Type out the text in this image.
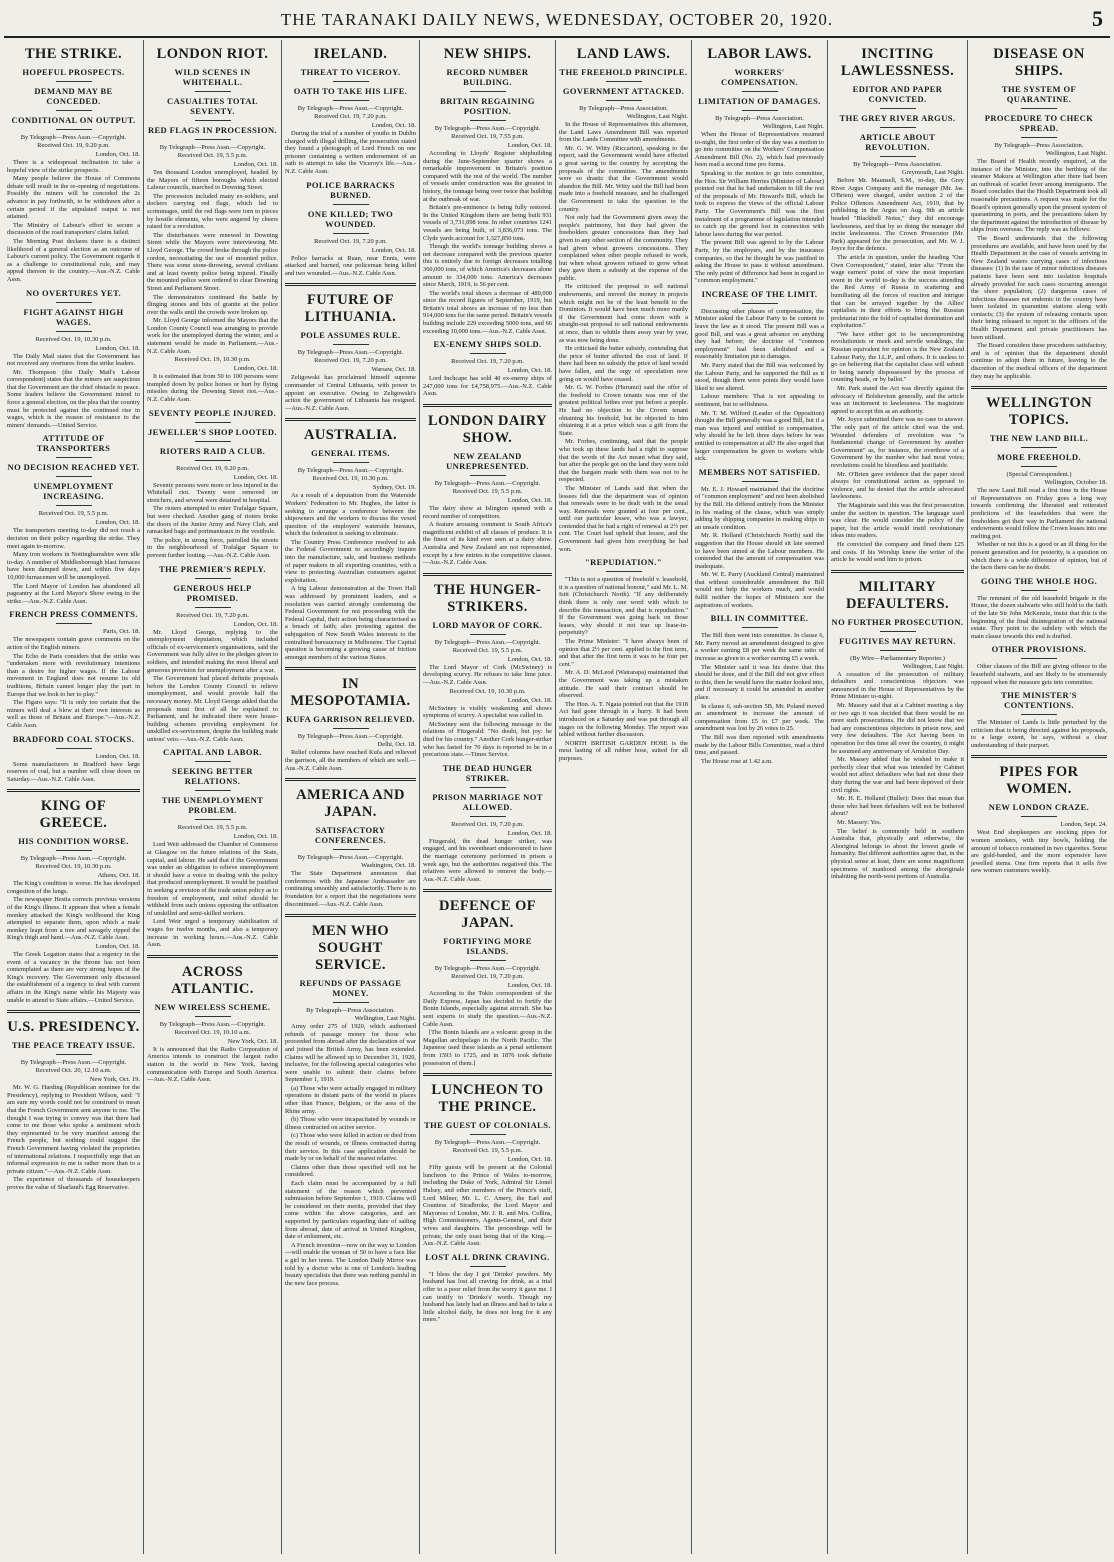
THE TARANAKI DAILY NEWS, WEDNESDAY, OCTOBER 20, 1920.	5
THE STRIKE.
HOPEFUL PROSPECTS.
DEMAND MAY BE CONCEDED.
CONDITIONAL ON OUTPUT.
By Telegraph—Press Assn.—Copyright.
Received Oct. 19, 9.20 p.m.
London, Oct. 18.

There is a widespread inclination to take a hopeful view of the strike prospects.

Many people believe the House of Commons debate will result in the re-opening of negotiations. Possibly the miners will be conceded the 2s advance in pay forthwith, to be withdrawn after a certain period if the stipulated output is not attained.

The Ministry of Labour's effort to secure a discussion of the road transporters' claim failed.

The Morning Post declares there is a distinct likelihood of a general election as an outcome of Labour's current policy. The Government regards it as a challenge to constitutional rule, and may appeal thereon to the country.—Aus.-N.Z. Cable Assn.

NO OVERTURES YET.
FIGHT AGAINST HIGH WAGES.
Received Oct. 19, 10.30 p.m.
London, Oct. 18.

The Daily Mail states that the Government has not received any overtures from the strike leaders.

Mr. Thompson (the Daily Mail's Labour correspondent) states that the miners are suspicious that the Government are the chief obstacle to peace. Some leaders believe the Government intend to force a general election, on the plea that the country must be protected against the continued rise in wages, which is the reason of resistance to the miners' demands.—United Service.

ATTITUDE OF TRANSPORTERS
NO DECISION REACHED YET.
UNEMPLOYMENT INCREASING.
Received Oct. 19, 5.5 p.m.
London, Oct. 18.

The transporters meeting to-day did not reach a decision on their policy regarding the strike. They meet again to-morrow.

Many iron workers in Nottinghamshire were idle to-day. A number of Middlesborough blast furnaces have been damped down, and within five days 10,000 furnacemen will be unemployed.

The Lord Mayor of London has abandoned all pageantry at the Lord Mayor's Show owing to the strike.—Aus.-N.Z. Cable Assn.

FRENCH PRESS COMMENTS.
Paris, Oct. 18.

The newspapers contain grave comments on the action of the English miners.

The Echo de Paris considers that the strike was "undertaken more with revolutionary intentions than a desire for higher wages. If the Labour movement in England does not resume its old traditions, Britain cannot longer play the part in Europe that we look to her to play."

The Figaro says: "It is only too certain that the miners will deal a blow at their own interests as well as those of Britain and Europe."—Aus.-N.Z. Cable Assn.

BRADFORD COAL STOCKS.
London, Oct. 18.

Some manufacturers in Bradford have large reserves of coal, but a number will close down on Saturday.—Aus.-N.Z. Cable Assn.

KING OF GREECE.
HIS CONDITION WORSE.
By Telegraph—Press Assn.—Copyright.
Received Oct. 19, 10.30 p.m.
Athens, Oct. 18.

The King's condition is worse. He has developed congestion of the lungs.

The newspaper Hestia corrects previous versions of the King's illness. It appears that when a female monkey attacked the King's wolfhound the King attempted to separate them, upon which a male monkey leapt from a tree and savagely ripped the King's thigh and hand.—Aus.-N.Z. Cable Assn.

London, Oct. 18.

The Greek Legation states that a regency in the event of a vacancy in the throne has not been contemplated as there are very strong hopes of the King's recovery. The Government only discussed the establishment of a regency to deal with current affairs in the King's name while his Majesty was unable to attend to State affairs.—United Service.

U.S. PRESIDENCY.
THE PEACE TREATY ISSUE.
By Telegraph—Press Assn.—Copyright.
Received Oct. 20, 12.10 a.m.
New York, Oct. 19.

Mr. W. G. Harding (Republican nominee for the Presidency), replying to President Wilson, said: "I am sure my words could not be construed to mean that the French Government sent anyone to me. The thought I was trying to convey was that there had come to me those who spoke a sentiment which they represented to be very manifest among the French people, but nothing could suggest the French Government having violated the proprieties of international relations. I respectfully urge that an informal expression to me is rather more than to a private citizen."—Aus.-N.Z. Cable Assn.

The experience of thousands of housekeepers proves the value of Sharland's Egg Reservative.

LONDON RIOT.
WILD SCENES IN WHITEHALL.
CASUALTIES TOTAL SEVENTY.
RED FLAGS IN PROCESSION.
By Telegraph—Press Assn.—Copyright.
Received Oct. 19, 5.5 p.m.
London, Oct. 18.

Ten thousand London unemployed, headed by the Mayors of fifteen boroughs which elected Labour councils, marched to Downing Street.

The procession included many ex-soldiers, and dockers carrying red flags, which led to scrimmages, until the red flags were torn to pieces by hostile elements, who were angered by cheers raised for a revolution.

The disturbances were renewed in Downing Street while the Mayors were interviewing Mr. Lloyd George. The crowd broke through the police cordon, necessitating the use of mounted police. There was some stone-throwing, several civilians and at least twenty police being injured. Finally the mounted police were ordered to clear Downing Street and Parliament Street.

The demonstrators continued the battle by flinging stones and bits of granite at the police over the walls until the crowds were broken up.

Mr. Lloyd George informed the Mayors that the London County Council was arranging to provide work for the unemployed during the winter, and a statement would be made in Parliament.—Aus.-N.Z. Cable Assn.

Received Oct. 19, 10.30 p.m.
London, Oct. 18.

It is estimated that from 50 to 100 persons were trampled down by police horses or hurt by flying missiles during the Downing Street riot.—Aus.-N.Z. Cable Assn.

SEVENTY PEOPLE INJURED.
JEWELLER'S SHOP LOOTED.
RIOTERS RAID A CLUB.
Received Oct. 19, 9.20 p.m.
London, Oct. 18.

Seventy persons were more or less injured in the Whitehall riot. Twenty were removed on stretchers, and several were detained in hospital.

The rioters attempted to enter Trafalgar Square, but were checked. Another gang of rioters broke the doors of the Junior Army and Navy Club, and ransacked bags and portmanteaux in the vestibule.

The police, in strong force, patrolled the streets in the neighbourhood of Trafalgar Square to prevent further looting.—Aus.-N.Z. Cable Assn.

THE PREMIER'S REPLY.
GENEROUS HELP PROMISED.
Received Oct. 19, 7.20 p.m.
London, Oct. 18.

Mr. Lloyd George, replying to the unemployment deputation, which included officials of ex-servicemen's organisations, said the Government was fully alive to the pledges given to soldiers, and intended making the most liberal and generous provision for unemployment after a war.

The Government had placed definite proposals before the London County Council to relieve unemployment, and would provide half the necessary money. Mr. Lloyd George added that the proposals must first of all be explained to Parliament, and he indicated there were house-building schemes providing employment for unskilled ex-servicemen, despite the building trade unions' veto.—Aus.-N.Z. Cable Assn.

CAPITAL AND LABOR.
SEEKING BETTER RELATIONS.
THE UNEMPLOYMENT PROBLEM.
Received Oct. 19, 5.5 p.m.
London, Oct. 18.

Lord Weir addressed the Chamber of Commerce at Glasgow on the future relations of the State, capital, and labour. He said that if the Government was under an obligation to relieve unemployment it should have a voice in dealing with the policy that produced unemployment. It would be justified in seeking a revision of the trade union policy as to freedom of employment, and relief should be withheld from such unions opposing the utilisation of unskilled and semi-skilled workers.

Lord Weir urged a temporary stabilisation of wages for twelve months, and also a temporary increase in working hours.—Aus.-N.Z. Cable Assn.

ACROSS ATLANTIC.
NEW WIRELESS SCHEME.
By Telegraph—Press Assn.—Copyright.
Received Oct. 19, 10.10 a.m.
New York, Oct. 18.

It is announced that the Radio Corporation of America intends to construct the largest radio station in the world in New York, having communication with Europe and South America.—Aus.-N.Z. Cable Assn.

IRELAND.
THREAT TO VICEROY.
OATH TO TAKE HIS LIFE.
By Telegraph—Press Assn.—Copyright.
Received Oct. 19, 7.20 p.m.
London, Oct. 18.

During the trial of a number of youths in Dublin charged with illegal drilling, the prosecution stated they found a photograph of Lord French on one prisoner containing a written endorsement of an oath to attempt to take the Viceroy's life.—Aus.-N.Z. Cable Assn.

POLICE BARRACKS BURNED.
ONE KILLED; TWO WOUNDED.
Received Oct. 19, 7.20 p.m.
London, Oct. 18.

Police barracks at Ruan, near Ennis, were attacked and burned, one policeman being killed and two wounded.—Aus.-N.Z. Cable Assn.

FUTURE OF LITHUANIA.
POLE ASSUMES RULE.
By Telegraph—Press Assn.—Copyright.
Received Oct. 19, 7.20 p.m.
Warsaw, Oct. 18.

Zeligowski has proclaimed himself supreme commander of Central Lithuania, with power to appoint an executive. Owing to Zeligowski's action the government of Lithuania has resigned.—Aus.-N.Z. Cable Assn.

AUSTRALIA.
GENERAL ITEMS.
By Telegraph—Press Assn.—Copyright.
Received Oct. 19, 10.30 p.m.
Sydney, Oct. 19.

As a result of a deputation from the Waterside Workers' Federation to Mr. Hughes, the latter is seeking to arrange a conference between the shipowners and the workers to discuss the vexed question of the employers' waterside bureaux, which the federation is seeking to eliminate.

The Country Press Conference resolved to ask the Federal Government to accordingly inquire into the manufacture, sale, and business methods of paper makers in all exporting countries, with a view to protecting Australian consumers against exploitation.

A big Labour demonstration at the Town Hall was addressed by prominent leaders, and a resolution was carried strongly condemning the Federal Government for not proceeding with the Federal Capital, their action being characterised as a breach of faith; also protesting against the subjugation of New South Wales interests to the centralised bureaucracy in Melbourne. The Capital question is becoming a growing cause of friction amongst members of the various States.

IN MESOPOTAMIA.
KUFA GARRISON RELIEVED.
By Telegraph—Press Assn.—Copyright.
Delhi, Oct. 18.

Relief columns have reached Kufa and relieved the garrison, all the members of which are well.—Aus.-N.Z. Cable Assn.

AMERICA AND JAPAN.
SATISFACTORY CONFERENCES.
By Telegraph—Press Assn.—Copyright.
Washington, Oct. 18.

The State Department announces that conferences with the Japanese Ambassador are continuing smoothly and satisfactorily. There is no foundation for a report that the negotiations were discontinued.—Aus.-N.Z. Cable Assn.

MEN WHO SOUGHT SERVICE.
REFUNDS OF PASSAGE MONEY.
By Telegraph—Press Association.
Wellington, Last Night.

Army order 275 of 1920, which authorised refunds of passage money for those who proceeded from abroad after the declaration of war and joined the British Army, has been extended. Claims will be allowed up to December 31, 1920, inclusive, for the following special categories who were unable to submit their claims before September 1, 1919.

(a) Those who were actually engaged in military operations in distant parts of the world in places other than France, Belgium, or the area of the Rhine army.

(b) Those who were incapacitated by wounds or illness contracted on active service.

(c) Those who were killed in action or died from the result of wounds, or illness contracted during their service. In this case application should be made by or on behalf of the nearest relative.

Claims other than those specified will not be considered.

Each claim must be accompanied by a full statement of the reason which prevented submission before September 1, 1919. Claims will be considered on their merits, provided that they come within the above categories, and are supported by particulars regarding date of sailing from abroad, date of arrival in United Kingdom, date of enlistment, etc.

A French invention—now on the way to London—will enable the woman of 50 to have a face like a girl in her teens. The London Daily Mirror was told by a doctor who is one of London's leading beauty specialists that there was nothing painful in the new face process.

NEW SHIPS.
RECORD NUMBER BUILDING.
BRITAIN REGAINING POSITION.
By Telegraph—Press Assn.—Copyright.
Received Oct. 19, 7.55 p.m.
London, Oct. 18.

According to Lloyds' Register shipbuilding during the June-September quarter shows a remarkable improvement in Britain's position compared with the rest of the world. The number of vessels under construction was the greatest in history, the tonnage being over twice that building at the outbreak of war.

Britain's pre-eminence is being fully restored. In the United Kingdom there are being built 931 vessels of 3,731,098 tons. In other countries 1241 vessels are being built, of 3,836,073 tons. The Clyde yards account for 1,327,850 tons.

Though the world's tonnage building shows a net decrease compared with the previous quarter this is entirely due to foreign decreases totalling 360,000 tons, of which America's decreases alone amount to 334,000 tons. America's decreases since March, 1919, is 56 per cent.

The world's total shows a decrease of 489,000 since the record figures of September, 1919, but Britain's total shows an increase of no less than 914,000 tons for the same period. Britain's vessels building include 229 exceeding 5000 tons, and 66 exceeding 10,000 tons.—Aus.-N.Z. Cable Assn.

EX-ENEMY SHIPS SOLD.
Received Oct. 19, 7.20 p.m.
London, Oct. 18.

Lord Inchcape has sold 40 ex-enemy ships of 247,000 tons for £4,758,975.—Aus.-N.Z. Cable Assn.

LONDON DAIRY SHOW.
NEW ZEALAND UNREPRESENTED.
By Telegraph—Press Assn.—Copyright.
Received Oct. 19, 5.5 p.m.
London, Oct. 18.

The dairy show at Islington opened with a record number of competitors.

A feature arousing comment is South Africa's magnificent exhibit of all classes of produce. It is the finest of its kind ever seen at a dairy show. Australia and New Zealand are not represented, except by a few entries in the competitive classes.—Aus.-N.Z. Cable Assn.

THE HUNGER-STRIKERS.
LORD MAYOR OF CORK.
By Telegraph—Press Assn.—Copyright.
Received Oct. 19, 5.5 p.m.
London, Oct. 18.

The Lord Mayor of Cork (McSwiney) is developing scurvy. He refuses to take lime juice.—Aus.-N.Z. Cable Assn.

Received Oct. 19, 10.30 p.m.
London, Oct. 18.

McSwiney is visibly weakening and shows symptoms of scurvy. A specialist was called in.

McSwiney sent the following message to the relations of Fitzgerald: "No doubt, but joy: he died for his country." Another Cork hunger-striker who has fasted for 70 days is reported to be in a precarious state.—Times Service.

THE DEAD HUNGER STRIKER.
PRISON MARRIAGE NOT ALLOWED.
Received Oct. 19, 7.20 p.m.
London, Oct. 18.

Fitzgerald, the dead hunger striker, was engaged, and his sweetheart endeavoured to have the marriage ceremony performed in prison a week ago, but the authorities negatived this. The relatives were allowed to remove the body.—Aus.-N.Z. Cable Assn.

DEFENCE OF JAPAN.
FORTIFYING MORE ISLANDS.
By Telegraph—Press Assn.—Copyright.
Received Oct. 19, 7.20 p.m.
London, Oct. 18.

According to the Tokio correspondent of the Daily Express, Japan has decided to fortify the Bonin Islands, especially against aircraft. She has sent experts to study the question.—Aus.-N.Z. Cable Assn.

[The Bonin Islands are a volcanic group in the Magellan archipelago in the North Pacific. The Japanese used these islands as a penal settlement from 1593 to 1725, and in 1876 took definite possession of them.]

LUNCHEON TO THE PRINCE.
THE GUEST OF COLONIALS.
By Telegraph—Press Assn.—Copyright.
Received Oct. 19, 5.5 p.m.
London, Oct. 18.

Fifty guests will be present at the Colonial luncheon to the Prince of Wales to-morrow, including the Duke of York, Admiral Sir Lionel Halsey, and other members of the Prince's staff, Lord Milner, Mr. L. C. Amery, the Earl and Countess of Stradbroke, the Lord Mayor and Mayoress of London, Mr. J. R. and Mrs. Collins, High Commissioners, Agents-General, and their wives and daughters. The proceedings will be private, the only toast being that of the King.—Aus.-N.Z. Cable Assn.

LOST ALL DRINK CRAVING.

"I bless the day I got 'Drinko' powders. My husband has lost all craving for drink, as a trial offer to a poor relief from the worry it gave me. I can testify to 'Drinko's' worth. Though my husband has lately had an illness and had to take a little alcohol daily, he does not long for it any more."

LAND LAWS.
THE FREEHOLD PRINCIPLE.
GOVERNMENT ATTACKED.
By Telegraph—Press Association.
Wellington, Last Night.

In the House of Representatives this afternoon, the Land Laws Amendment Bill was reported from the Lands Committee with amendments.

Mr. G. W. Witty (Riccarton), speaking to the report, said the Government would have effected a great saving to the country by accepting the proposals of the committee. The amendments were so drastic that the Government would abandon the Bill. Mr. Witty said the Bill had been made into a freehold measure, and he challenged the Government to take the question to the country.

Not only had the Government given away the people's patrimony, but they had given the freeholders greater concessions than they had given to any other section of the community. They had given wheat growers concessions. They complained when other people refused to work, but when wheat growers refused to grow wheat they gave them a subsidy at the expense of the public.

He criticised the proposal to sell national endowments, and moved the money in projects which might not be of the least benefit to the Dominion. It would have been much more manly if the Government had come down with a straight-out proposal to sell national endowments at once, than to whittle them away year by year, as was now being done.

He criticised the butter subsidy, contending that the price of butter affected the cost of land. If there had been no subsidy the price of land would have fallen, and the orgy of speculation now going on would have ceased.

Mr. G. W. Forbes (Hurunui) said the offer of the freehold to Crown tenants was one of the greatest political bribes ever put before a people. He had no objection to the Crown tenant obtaining his freehold, but he objected to him obtaining it at a price which was a gift from the State.

Mr. Forbes, continuing, said that the people who took up these lands had a right to suppose that the words of the Act meant what they said, but after the people got on the land they were told that the bargain made with them was not to be respected.

The Minister of Lands said that when the lessees fell due the department was of opinion that renewals were to be dealt with in the usual way. Renewals were granted at four per cent., until our particular lessee, who was a lawyer, contended that he had a right of renewal at 2½ per cent. The Court had upheld that lessee, and the Government had given him everything he had won.

"REPUDIATION."

"This is not a question of freehold v. leasehold, it is a question of national honour," said Mr. L. M. Isitt (Christchurch North). "If any deliberately think there is only one word with which to describe this transaction, and that is repudiation." If the Government was going back on those leases, why should it not tear up lease-in-perpetuity?

The Prime Minister: "I have always been of opinion that 2½ per cent. applied to the first term, and that after the first term it was to be four per cent."

Mr. A. D. McLeod (Wairarapa) maintained that the Government was taking up a mistaken attitude. He said their contract should be observed.

The Hon. A. T. Ngata pointed out that the 1918 Act had gone through in a hurry. It had been introduced on a Saturday and was put through all stages on the following Monday. The report was tabled without further discussion.

NORTH BRITISH GARDEN HOSE is the most lasting of all rubber hose, suited for all purposes.

LABOR LAWS.
WORKERS' COMPENSATION.
LIMITATION OF DAMAGES.
By Telegraph—Press Association.
Wellington, Last Night.

When the House of Representatives resumed to-night, the first order of the day was a motion to go into committee on the Workers' Compensation Amendment Bill (No. 2), which had previously been read a second time pro forma.

Speaking to the motion to go into committee, the Hon. Sir William Herries (Minister of Labour) pointed out that he had undertaken to fill the rest of the proposals of Mr. Howard's Bill, which he took to express the views of the official Labour Party. The Government's Bill was the first instalment of a programme of legislation intended to catch up the ground lost in connection with labour laws during the war period.

The present Bill was agreed to by the Labour Party, by the employers, and by the insurance companies, so that he thought he was justified in asking the House to pass it without amendment. The only point of difference had been in regard to "common employment."

INCREASE OF THE LIMIT.

Discussing other phases of compensation, the Minister asked the Labour Party to be content to leave the law as it stood. The present Bill was a good Bill, and was a great advance on anything they had before; the doctrine of "common employment" had been abolished and a reasonably limitation put to damages.

Mr. Parry stated that the Bill was welcomed by the Labour Party, and he supported the Bill as it stood, though there were points they would have liked to see altered.

Labour members: That is not appealing to sentiment, but to selfishness.

Mr. T. M. Wilford (Leader of the Opposition) thought the Bill generally was a good Bill, but if a man was injured and entitled to compensation, why should he be left three days before he was entitled to compensation at all? He also urged that larger compensation be given to workers while sick.

MEMBERS NOT SATISFIED.

Mr. E. J. Howard maintained that the doctrine of "common employment" and not been abolished by the Bill. He differed entirely from the Minister in his reading of the clause, which was simply adding by shipping companies in making ships in an unsafe condition.

Mr. R. Holland (Christchurch North) said the suggestion that the House should sit late seemed to have been aimed at the Labour members. He contended that the amount of compensation was inadequate.

Mr. W. E. Parry (Auckland Central) maintained that without considerable amendment the Bill would not help the workers much, and would fulfil neither the hopes of Ministers nor the aspirations of workers.

BILL IN COMMITTEE.

The Bill then went into committee. In clause 6, Mr. Parry moved an amendment designed to give a worker earning £8 per week the same ratio of increase as given to a worker earning £5 a week.

The Minister said it was his desire that this should be done, and if the Bill did not give effect to this, then he would have the matter looked into, and if necessary it could be amended in another place.

In clause 6, sub-section 5B, Mr. Poland moved an amendment to increase the amount of compensation from £5 to £7 per week. The amendment was lost by 26 votes to 25.

The Bill was then reported with amendments made by the Labour Bills Committee, read a third time, and passed.

The House rose at 1.42 a.m.

INCITING LAWLESSNESS.
EDITOR AND PAPER CONVICTED.
THE GREY RIVER ARGUS.
ARTICLE ABOUT REVOLUTION.
By Telegraph—Press Association.
Greymouth, Last Night.

Before Mr. Maunsell, S.M., to-day, the Grey River Argus Company and the manager (Mr. Jas. O'Brien) were charged, under section 2 of the Police Offences Amendment Act, 1919, that by publishing in the Argus on Aug. 9th an article headed "Blackbell Notes," they did encourage lawlessness, and that by so doing the manager did incite lawlessness. The Crown Prosecutor (Mr. Park) appeared for the prosecution, and Mr. W. J. Joyce for the defence.

The article in question, under the heading "Our Own Correspondent," stated, inter alia: "From the wage earners' point of view the most important event in the world to-day is the success attending the Red Army of Russia in scattering and humiliating all the forces of reaction and intrigue that can be arrayed together by the Allies' capitalists in their efforts to bring the Russian proletariat into the fold of capitalist domination and exploitation."

"We have either got to be uncompromising revolutionists or meek and servile weaklings, the Russian equivalent for opinion is the New Zealand Labour Party, the I.L.P., and others. It is useless to go on believing that the capitalist class will submit to being tamely dispossessed by the process of counting heads, or by ballot."

Mr. Park stated the Act was directly against the advocacy of Bolshevism generally, and the article was an incitement to lawlessness. The magistrate agreed to accept this as an authority.

Mr. Joyce submitted there was no case to answer. The only part of the article cited was the end. Wounded defenders of revolution was "a fundamental change of Government by another Government" as, for instance, the overthrow of a Government by the number who had most votes; revolutions could be bloodless and justifiable.

Mr. O'Brien gave evidence that the paper stood always for constitutional action as opposed to violence, and he denied that the article advocated lawlessness.

The Magistrate said this was the first prosecution under the section in question. The language used was clear. He would consider the policy of the paper, but the article would instil revolutionary ideas into readers.

He convicted the company and fined them £25 and costs. If his Worship knew the writer of the article he would send him to prison.

MILITARY DEFAULTERS.
NO FURTHER PROSECUTION.
FUGITIVES MAY RETURN.
(By Wire—Parliamentary Reporter.)
Wellington, Last Night.

A cessation of the prosecution of military defaulters and conscientious objectors was announced in the House of Representatives by the Prime Minister to-night.

Mr. Massey said that at a Cabinet meeting a day or two ago it was decided that there would be no more such prosecutions. He did not know that we had any conscientious objectors in prison now, and very few defaulters. The Act having been in operation for this time all over the country, it might be assumed any anniversary of Armistice Day.

Mr. Massey added that he wished to make it perfectly clear that what was intended by Cabinet would not affect defaulters who had not done their duty during the war and had been deprived of their civil rights.

Mr. H. E. Holland (Buller): Does that mean that those who had been defaulters will not be bothered about?

Mr. Massey: Yes.

The belief is commonly held in southern Australia that, physically and otherwise, the Aboriginal belongs to about the lowest grade of humanity. But different authorities agree that, in the physical sense at least, there are some magnificent specimens of manhood among the aboriginals inhabiting the north-west portions of Australia.

DISEASE ON SHIPS.
THE SYSTEM OF QUARANTINE.
PROCEDURE TO CHECK SPREAD.
By Telegraph—Press Association.
Wellington, Last Night.

The Board of Health recently enquired, at the instance of the Minister, into the berthing of the steamer Makura at Wellington after there had been an outbreak of scarlet fever among immigrants. The Board concludes that the Health Department took all reasonable precautions. A request was made for the Board's opinion generally upon the present system of quarantining in ports, and the precautions taken by the department against the introduction of disease by ships from overseas. The reply was as follows:

The Board understands that the following procedures are available, and have been used by the Health Department in the case of vessels arriving in New Zealand waters carrying cases of infectious diseases: (1) In the case of minor infectious diseases patients have been sent into isolation hospitals already provided for such cases occurring amongst the shore population; (2) dangerous cases of infectious diseases not endemic in the country have been isolated in quarantine stations along with contacts; (3) the system of releasing contacts upon their being released to report to the officers of the Health Department and private practitioners has been utilised.

The Board considers these procedures satisfactory, and is of opinion that the department should continue to adopt them in future, leaving to the discretion of the medical officers of the department they may be applicable.

WELLINGTON TOPICS.
THE NEW LAND BILL.
MORE FREEHOLD.
(Special Correspondent.)
Wellington, October 18.

The new Land Bill read a first time in the House of Representatives on Friday goes a long way towards confirming the liberated and reiterated predictions of the leaseholders that were the freeholders got their way in Parliament the national endowments would follow the Crown leases into one melting pot.

Whether or not this is a good or an ill thing for the present generation and for posterity, is a question on which there is a wide difference of opinion, but of the facts there can be no doubt.

GOING THE WHOLE HOG.

The remnant of the old leasehold brigade in the House, the dozen stalwarts who still hold to the faith of the late Sir John McKenzie, insist that this is the beginning of the final disintegration of the national estate. They point to the subtlety with which the main clause towards this end is drafted.

OTHER PROVISIONS.

Other clauses of the Bill are giving offence to the leasehold stalwarts, and are likely to be strenuously opposed when the measure gets into committee.

THE MINISTER'S CONTENTIONS.

The Minister of Lands is little perturbed by the criticism that is being directed against his proposals, to a large extent, he says, without a clear understanding of their purport.

PIPES FOR WOMEN.
NEW LONDON CRAZE.
London, Sept. 24.

West End shopkeepers are stocking pipes for women smokers, with tiny bowls, holding the amount of tobacco contained in two cigarettes. Some are gold-banded, and the more expensive have jewelled stems. One firm reports that it sells five new women customers weekly.
